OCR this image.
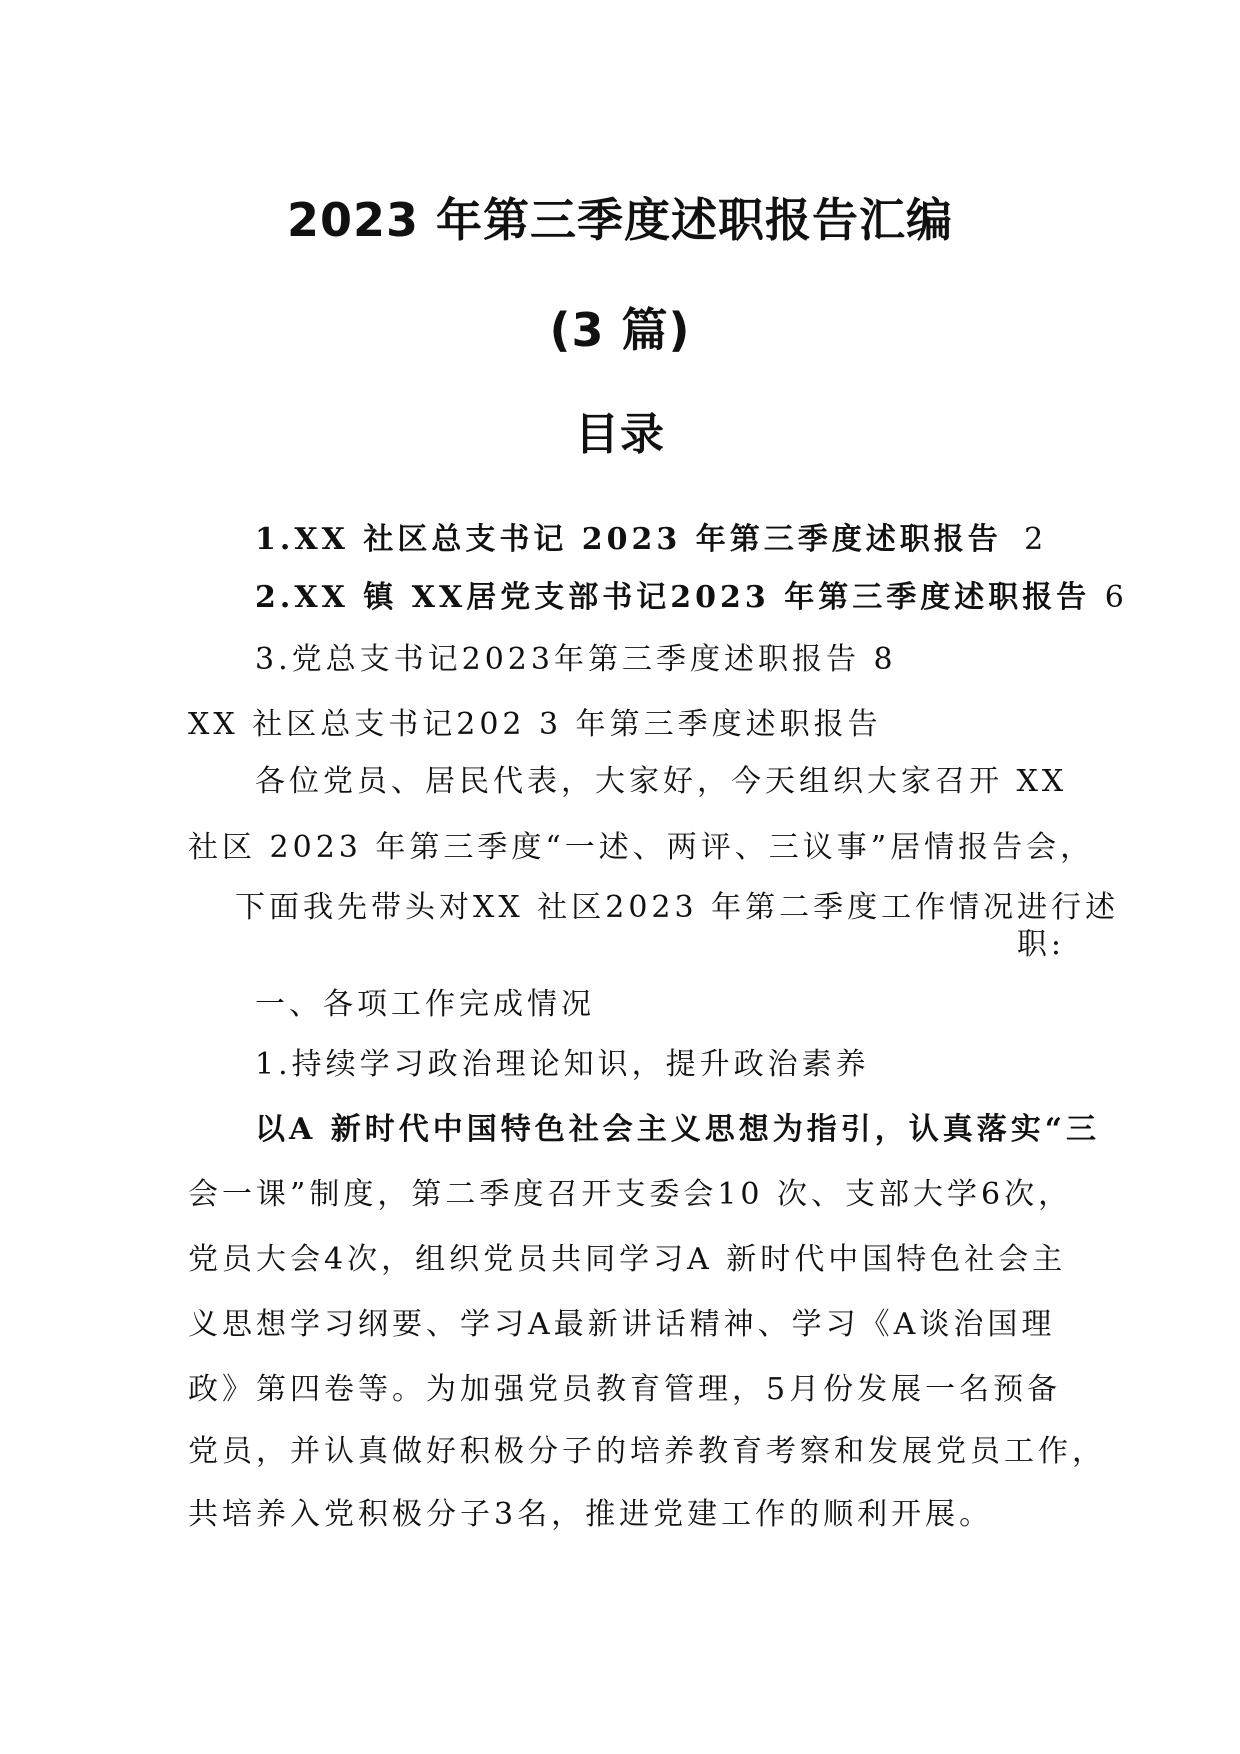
2023 年第三季度述职报告汇编
(3 篇)
目录
1.XX 社区总支书记 2023 年第三季度述职报告 2
2.XX 镇 XX居党支部书记2023 年第三季度述职报告 6
3.党总支书记2023年第三季度述职报告 8
XX 社区总支书记202 3 年第三季度述职报告
各位党员、居民代表，大家好，今天组织大家召开 XX
社区 2023 年第三季度“一述、两评、三议事”居情报告会，
下面我先带头对XX 社区2023 年第二季度工作情况进行述
职:
一、各项工作完成情况
1.持续学习政治理论知识，提升政治素养
以A 新时代中国特色社会主义思想为指引，认真落实“三
会一课”制度，第二季度召开支委会10 次、支部大学6次，
党员大会4次，组织党员共同学习A 新时代中国特色社会主
义思想学习纲要、学习A最新讲话精神、学习《A谈治国理
政》第四卷等。为加强党员教育管理，5月份发展一名预备
党员，并认真做好积极分子的培养教育考察和发展党员工作，
共培养入党积极分子3名，推进党建工作的顺利开展。
